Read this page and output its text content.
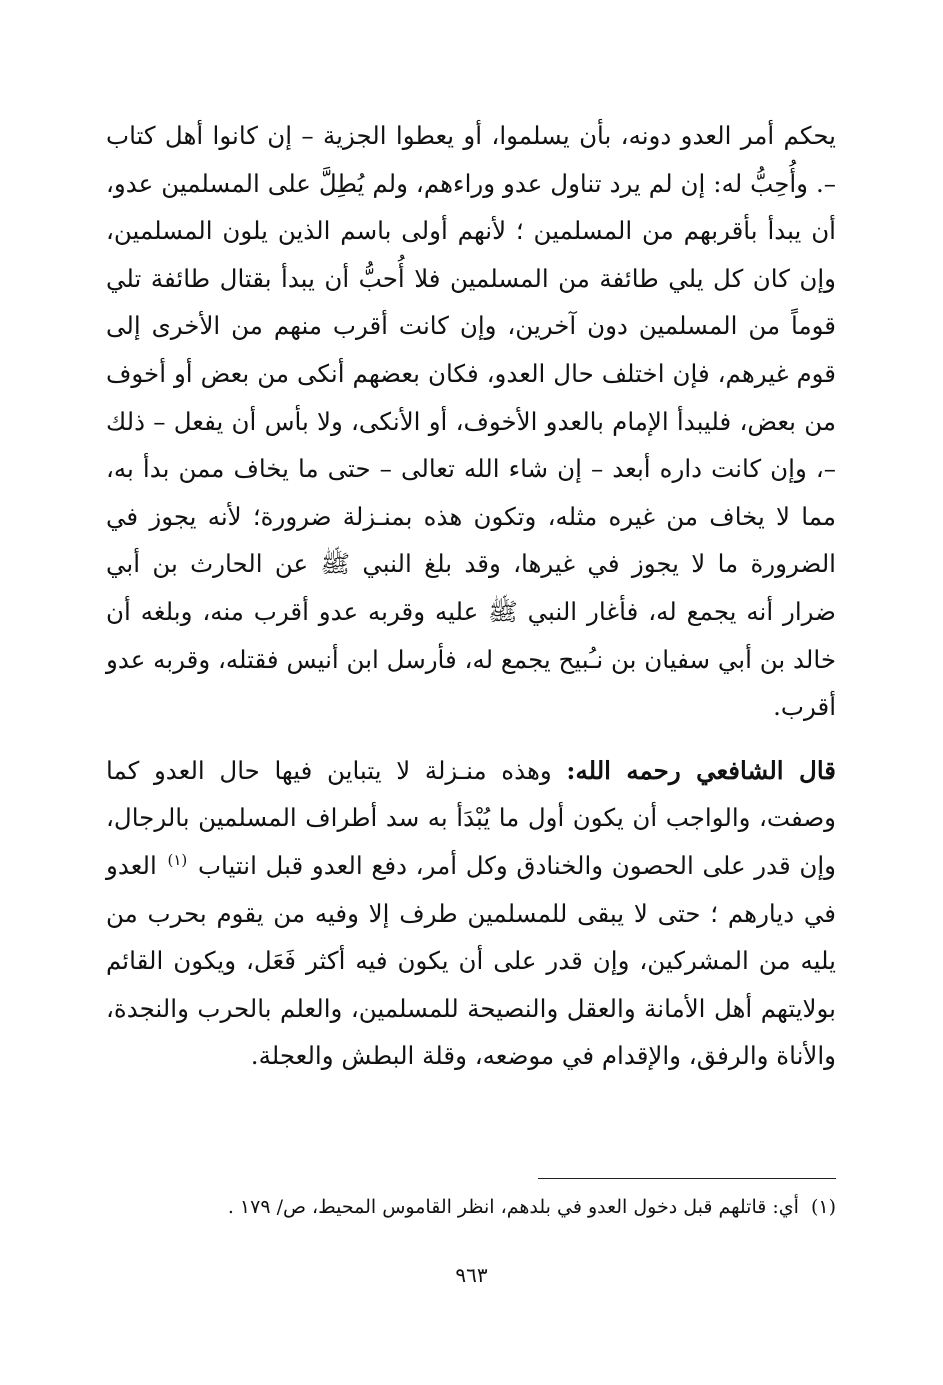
يحكم أمر العدو دونه، بأن يسلموا، أو يعطوا الجزية – إن كانوا أهل كتاب –. وأُحِبُّ له: إن لم يرد تناول عدو وراءهم، ولم يُطِلَّ على المسلمين عدو، أن يبدأ بأقربهم من المسلمين ؛ لأنهم أولى باسم الذين يلون المسلمين، وإن كان كل يلي طائفة من المسلمين فلا أُحبُّ أن يبدأ بقتال طائفة تلي قوماً من المسلمين دون آخرين، وإن كانت أقرب منهم من الأخرى إلى قوم غيرهم، فإن اختلف حال العدو، فكان بعضهم أنكى من بعض أو أخوف من بعض، فليبدأ الإمام بالعدو الأخوف، أو الأنكى، ولا بأس أن يفعل – ذلك –، وإن كانت داره أبعد – إن شاء الله تعالى – حتى ما يخاف ممن بدأ به، مما لا يخاف من غيره مثله، وتكون هذه بمنـزلة ضرورة؛ لأنه يجوز في الضرورة ما لا يجوز في غيرها، وقد بلغ النبي ﷺ عن الحارث بن أبي ضرار أنه يجمع له، فأغار النبي ﷺ عليه وقربه عدو أقرب منه، وبلغه أن خالد بن أبي سفيان بن نـُبيح يجمع له، فأرسل ابن أنيس فقتله، وقربه عدو أقرب.

قال الشافعي رحمه الله: وهذه منـزلة لا يتباين فيها حال العدو كما وصفت، والواجب أن يكون أول ما يُبْدَأ به سد أطراف المسلمين بالرجال، وإن قدر على الحصون والخنادق وكل أمر، دفع العدو قبل انتياب $^{(١)}$ العدو في ديارهم ؛ حتى لا يبقى للمسلمين طرف إلا وفيه من يقوم بحرب من يليه من المشركين، وإن قدر على أن يكون فيه أكثر فَعَل، ويكون القائم بولايتهم أهل الأمانة والعقل والنصيحة للمسلمين، والعلم بالحرب والنجدة، والأناة والرفق، والإقدام في موضعه، وقلة البطش والعجلة.

(١)أي: قاتلهم قبل دخول العدو في بلدهم، انظر القاموس المحيط، ص/ ١٧٩ .
٩٦٣
